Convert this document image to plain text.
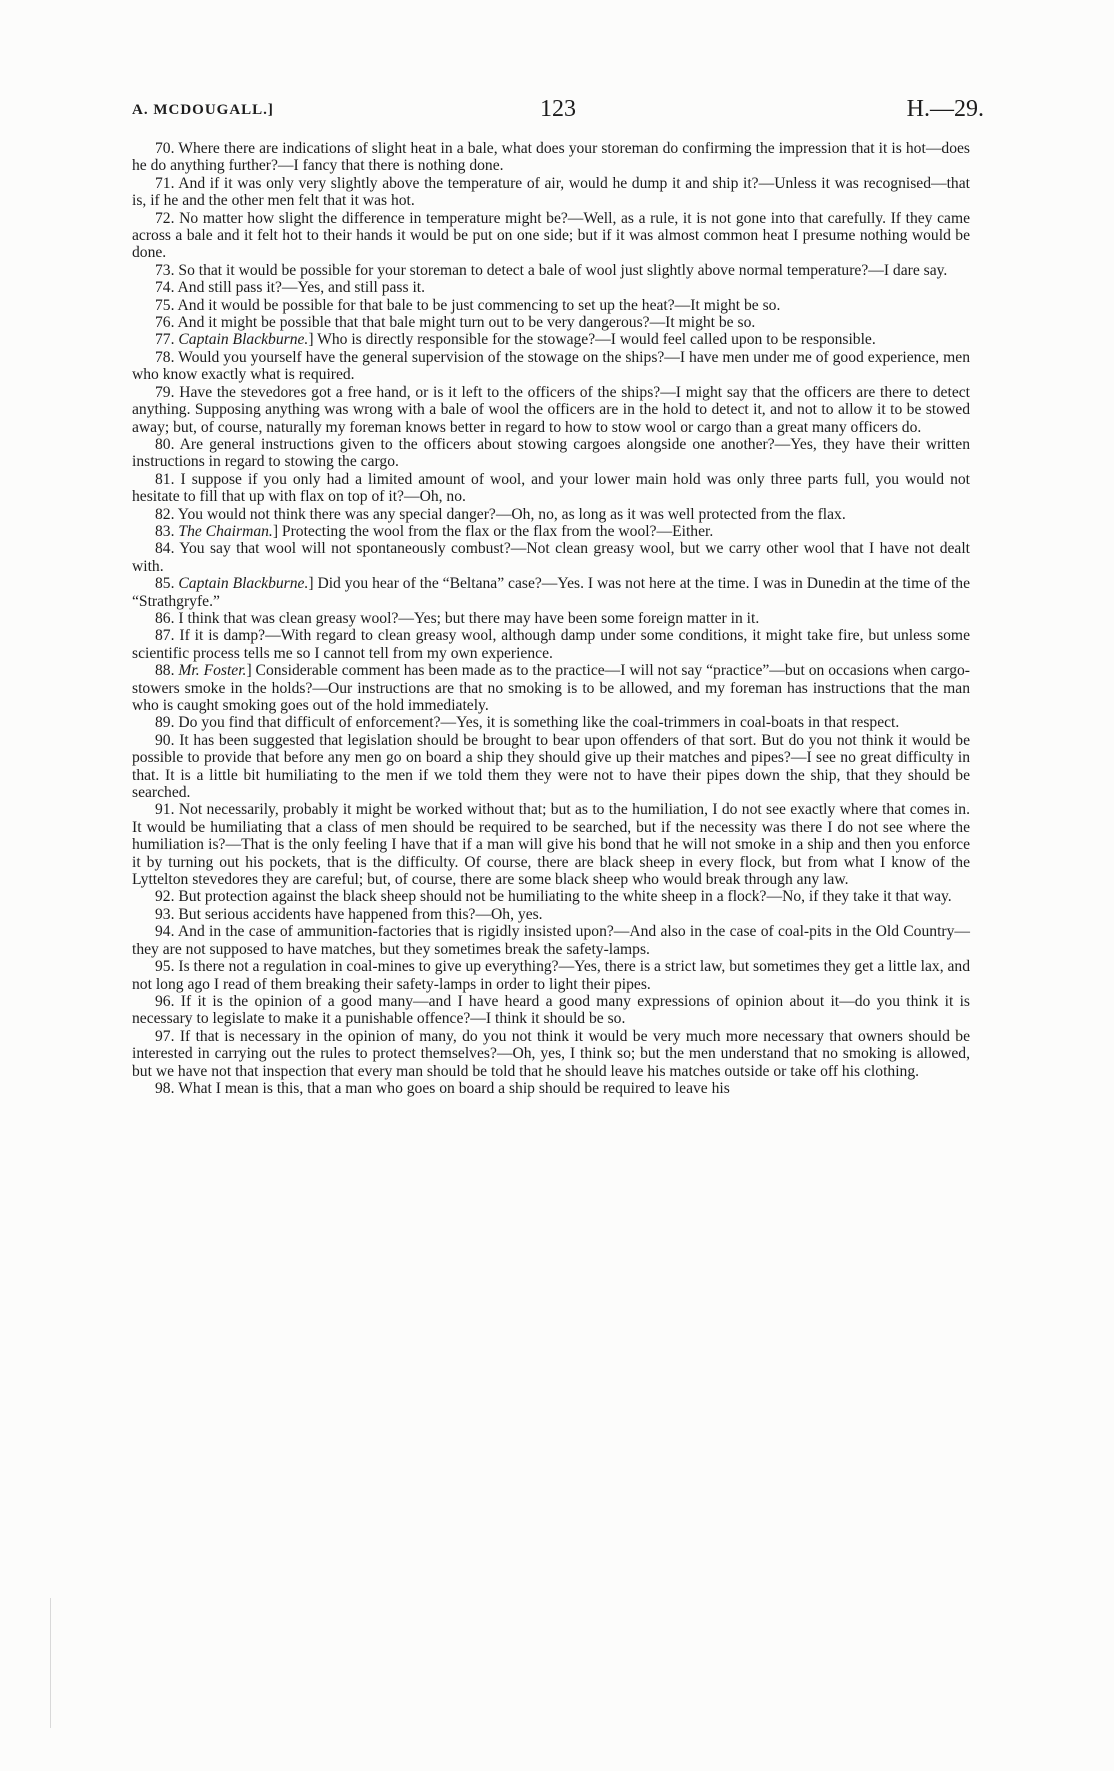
A. MCDOUGALL.]	123	H.—29.

70. Where there are indications of slight heat in a bale, what does your storeman do confirming the impression that it is hot—does he do anything further?—I fancy that there is nothing done.

71. And if it was only very slightly above the temperature of air, would he dump it and ship it?—Unless it was recognised—that is, if he and the other men felt that it was hot.

72. No matter how slight the difference in temperature might be?—Well, as a rule, it is not gone into that carefully. If they came across a bale and it felt hot to their hands it would be put on one side; but if it was almost common heat I presume nothing would be done.

73. So that it would be possible for your storeman to detect a bale of wool just slightly above normal temperature?—I dare say.

74. And still pass it?—Yes, and still pass it.

75. And it would be possible for that bale to be just commencing to set up the heat?—It might be so.

76. And it might be possible that that bale might turn out to be very dangerous?—It might be so.

77. Captain Blackburne.] Who is directly responsible for the stowage?—I would feel called upon to be responsible.

78. Would you yourself have the general supervision of the stowage on the ships?—I have men under me of good experience, men who know exactly what is required.

79. Have the stevedores got a free hand, or is it left to the officers of the ships?—I might say that the officers are there to detect anything. Supposing anything was wrong with a bale of wool the officers are in the hold to detect it, and not to allow it to be stowed away; but, of course, naturally my foreman knows better in regard to how to stow wool or cargo than a great many officers do.

80. Are general instructions given to the officers about stowing cargoes alongside one another?—Yes, they have their written instructions in regard to stowing the cargo.

81. I suppose if you only had a limited amount of wool, and your lower main hold was only three parts full, you would not hesitate to fill that up with flax on top of it?—Oh, no.

82. You would not think there was any special danger?—Oh, no, as long as it was well protected from the flax.

83. The Chairman.] Protecting the wool from the flax or the flax from the wool?—Either.

84. You say that wool will not spontaneously combust?—Not clean greasy wool, but we carry other wool that I have not dealt with.

85. Captain Blackburne.] Did you hear of the “Beltana” case?—Yes. I was not here at the time. I was in Dunedin at the time of the “Strathgryfe.”

86. I think that was clean greasy wool?—Yes; but there may have been some foreign matter in it.

87. If it is damp?—With regard to clean greasy wool, although damp under some conditions, it might take fire, but unless some scientific process tells me so I cannot tell from my own experience.

88. Mr. Foster.] Considerable comment has been made as to the practice—I will not say “practice”—but on occasions when cargo-stowers smoke in the holds?—Our instructions are that no smoking is to be allowed, and my foreman has instructions that the man who is caught smoking goes out of the hold immediately.

89. Do you find that difficult of enforcement?—Yes, it is something like the coal-trimmers in coal-boats in that respect.

90. It has been suggested that legislation should be brought to bear upon offenders of that sort. But do you not think it would be possible to provide that before any men go on board a ship they should give up their matches and pipes?—I see no great difficulty in that. It is a little bit humiliating to the men if we told them they were not to have their pipes down the ship, that they should be searched.

91. Not necessarily, probably it might be worked without that; but as to the humiliation, I do not see exactly where that comes in. It would be humiliating that a class of men should be required to be searched, but if the necessity was there I do not see where the humiliation is?—That is the only feeling I have that if a man will give his bond that he will not smoke in a ship and then you enforce it by turning out his pockets, that is the difficulty. Of course, there are black sheep in every flock, but from what I know of the Lyttelton stevedores they are careful; but, of course, there are some black sheep who would break through any law.

92. But protection against the black sheep should not be humiliating to the white sheep in a flock?—No, if they take it that way.

93. But serious accidents have happened from this?—Oh, yes.

94. And in the case of ammunition-factories that is rigidly insisted upon?—And also in the case of coal-pits in the Old Country—they are not supposed to have matches, but they sometimes break the safety-lamps.

95. Is there not a regulation in coal-mines to give up everything?—Yes, there is a strict law, but sometimes they get a little lax, and not long ago I read of them breaking their safety-lamps in order to light their pipes.

96. If it is the opinion of a good many—and I have heard a good many expressions of opinion about it—do you think it is necessary to legislate to make it a punishable offence?—I think it should be so.

97. If that is necessary in the opinion of many, do you not think it would be very much more necessary that owners should be interested in carrying out the rules to protect themselves?—Oh, yes, I think so; but the men understand that no smoking is allowed, but we have not that inspection that every man should be told that he should leave his matches outside or take off his clothing.

98. What I mean is this, that a man who goes on board a ship should be required to leave his
